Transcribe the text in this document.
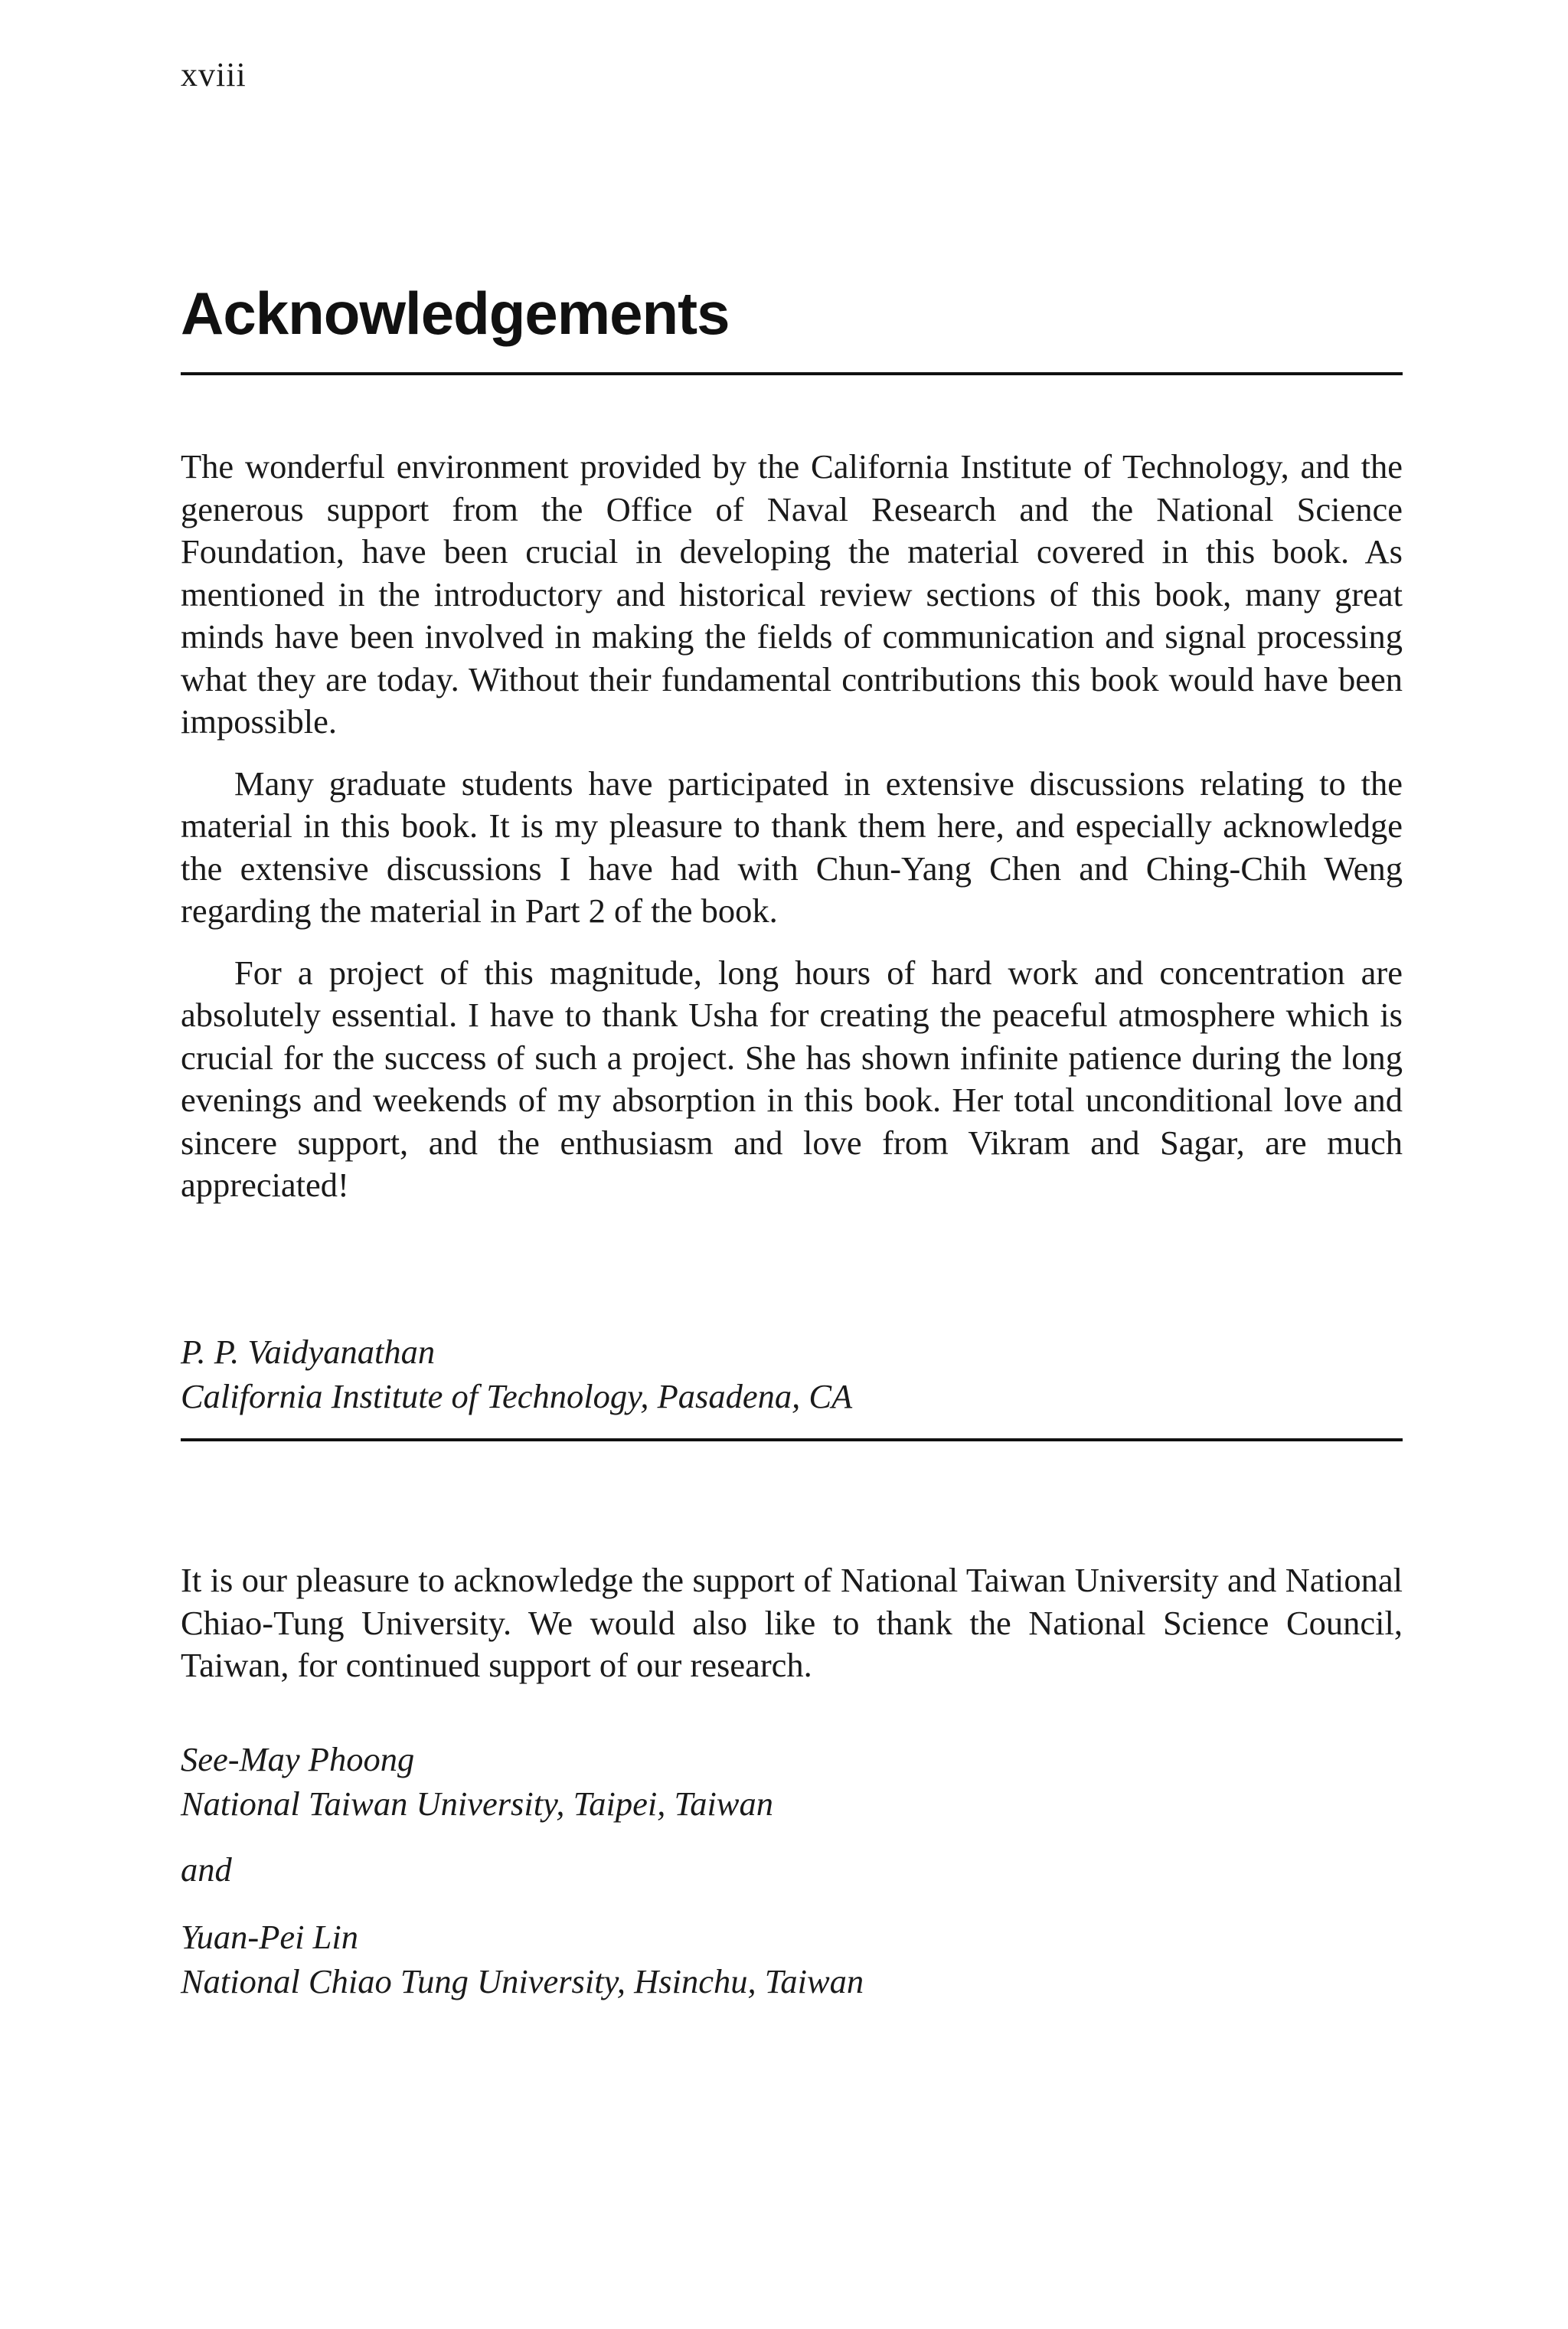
xviii
Acknowledgements

The wonderful environment provided by the California Institute of Technology, and the generous support from the Office of Naval Research and the National Science Foundation, have been crucial in developing the material covered in this book. As mentioned in the introductory and historical review sections of this book, many great minds have been involved in making the fields of communication and signal processing what they are today. Without their fundamental contributions this book would have been impossible.

Many graduate students have participated in extensive discussions relating to the material in this book. It is my pleasure to thank them here, and especially acknowledge the extensive discussions I have had with Chun-Yang Chen and Ching-Chih Weng regarding the material in Part 2 of the book.

For a project of this magnitude, long hours of hard work and concentration are absolutely essential. I have to thank Usha for creating the peaceful atmosphere which is crucial for the success of such a project. She has shown infinite patience during the long evenings and weekends of my absorption in this book. Her total unconditional love and sincere support, and the enthusiasm and love from Vikram and Sagar, are much appreciated!

P. P. Vaidyanathan
California Institute of Technology, Pasadena, CA

It is our pleasure to acknowledge the support of National Taiwan University and National Chiao-Tung University. We would also like to thank the National Science Council, Taiwan, for continued support of our research.

See-May Phoong
National Taiwan University, Taipei, Taiwan
and
Yuan-Pei Lin
National Chiao Tung University, Hsinchu, Taiwan
